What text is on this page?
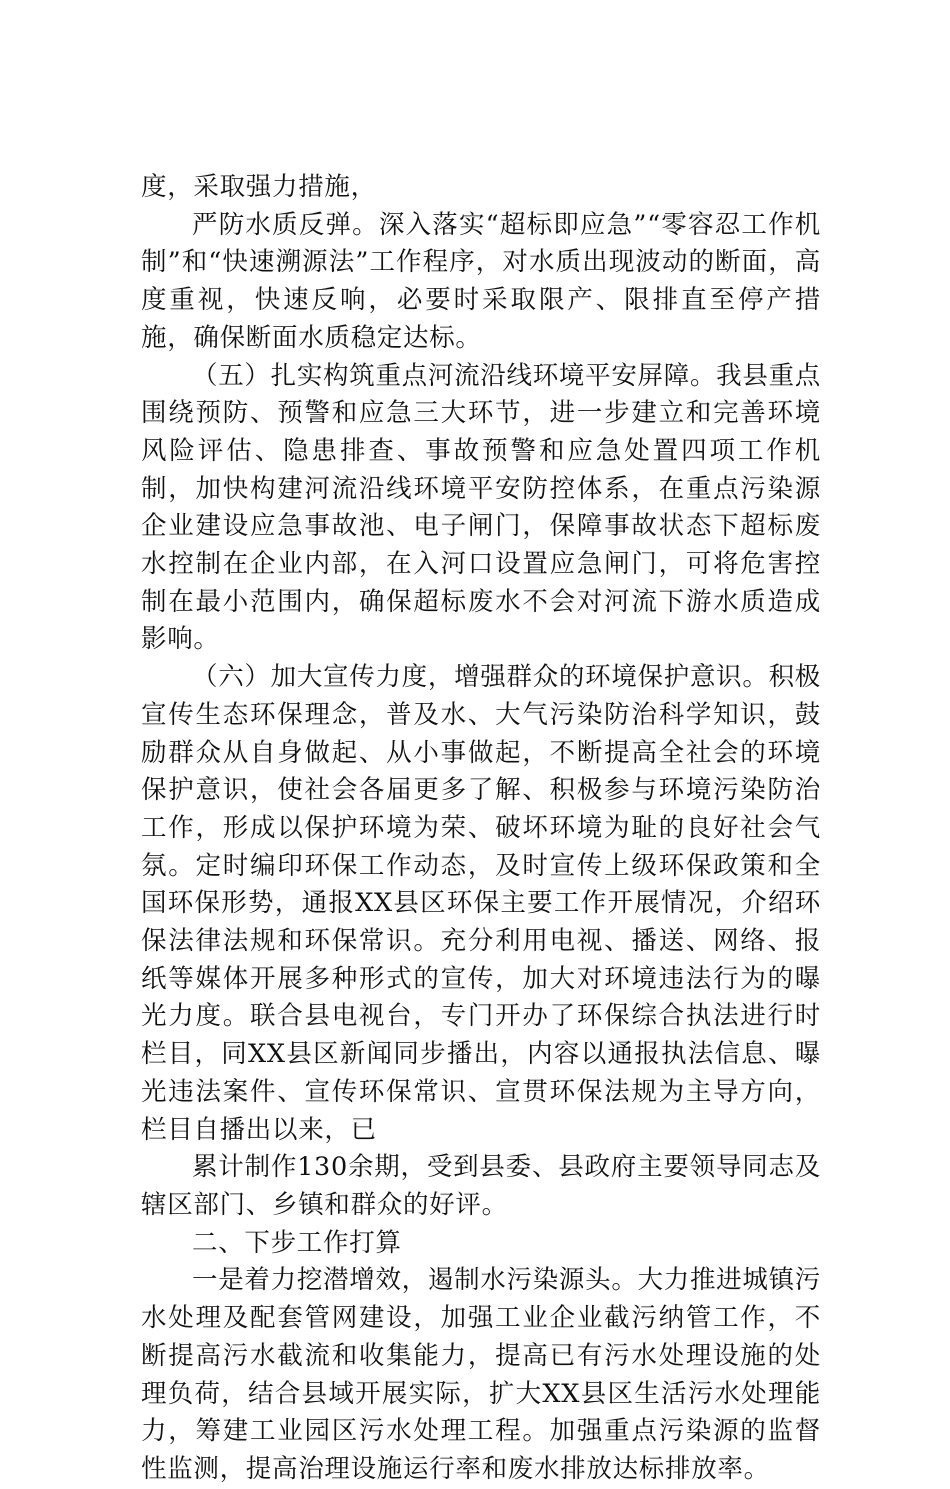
度，采取强力措施，

严防水质反弹。深入落实“超标即应急”“零容忍工作机制”和“快速溯源法”工作程序，对水质出现波动的断面，高度重视，快速反响，必要时采取限产、限排直至停产措施，确保断面水质稳定达标。

（五）扎实构筑重点河流沿线环境平安屏障。我县重点围绕预防、预警和应急三大环节，进一步建立和完善环境风险评估、隐患排查、事故预警和应急处置四项工作机制，加快构建河流沿线环境平安防控体系，在重点污染源企业建设应急事故池、电子闸门，保障事故状态下超标废水控制在企业内部，在入河口设置应急闸门，可将危害控制在最小范围内，确保超标废水不会对河流下游水质造成影响。

（六）加大宣传力度，增强群众的环境保护意识。积极宣传生态环保理念，普及水、大气污染防治科学知识，鼓励群众从自身做起、从小事做起，不断提高全社会的环境保护意识，使社会各届更多了解、积极参与环境污染防治工作，形成以保护环境为荣、破坏环境为耻的良好社会气氛。定时编印环保工作动态，及时宣传上级环保政策和全国环保形势，通报XX县区环保主要工作开展情况，介绍环保法律法规和环保常识。充分利用电视、播送、网络、报纸等媒体开展多种形式的宣传，加大对环境违法行为的曝光力度。联合县电视台，专门开办了环保综合执法进行时栏目，同XX县区新闻同步播出，内容以通报执法信息、曝光违法案件、宣传环保常识、宣贯环保法规为主导方向，栏目自播出以来，已

累计制作130余期，受到县委、县政府主要领导同志及辖区部门、乡镇和群众的好评。

二、下步工作打算

一是着力挖潜增效，遏制水污染源头。大力推进城镇污水处理及配套管网建设，加强工业企业截污纳管工作，不断提高污水截流和收集能力，提高已有污水处理设施的处理负荷，结合县域开展实际，扩大XX县区生活污水处理能力，筹建工业园区污水处理工程。加强重点污染源的监督性监测，提高治理设施运行率和废水排放达标排放率。
